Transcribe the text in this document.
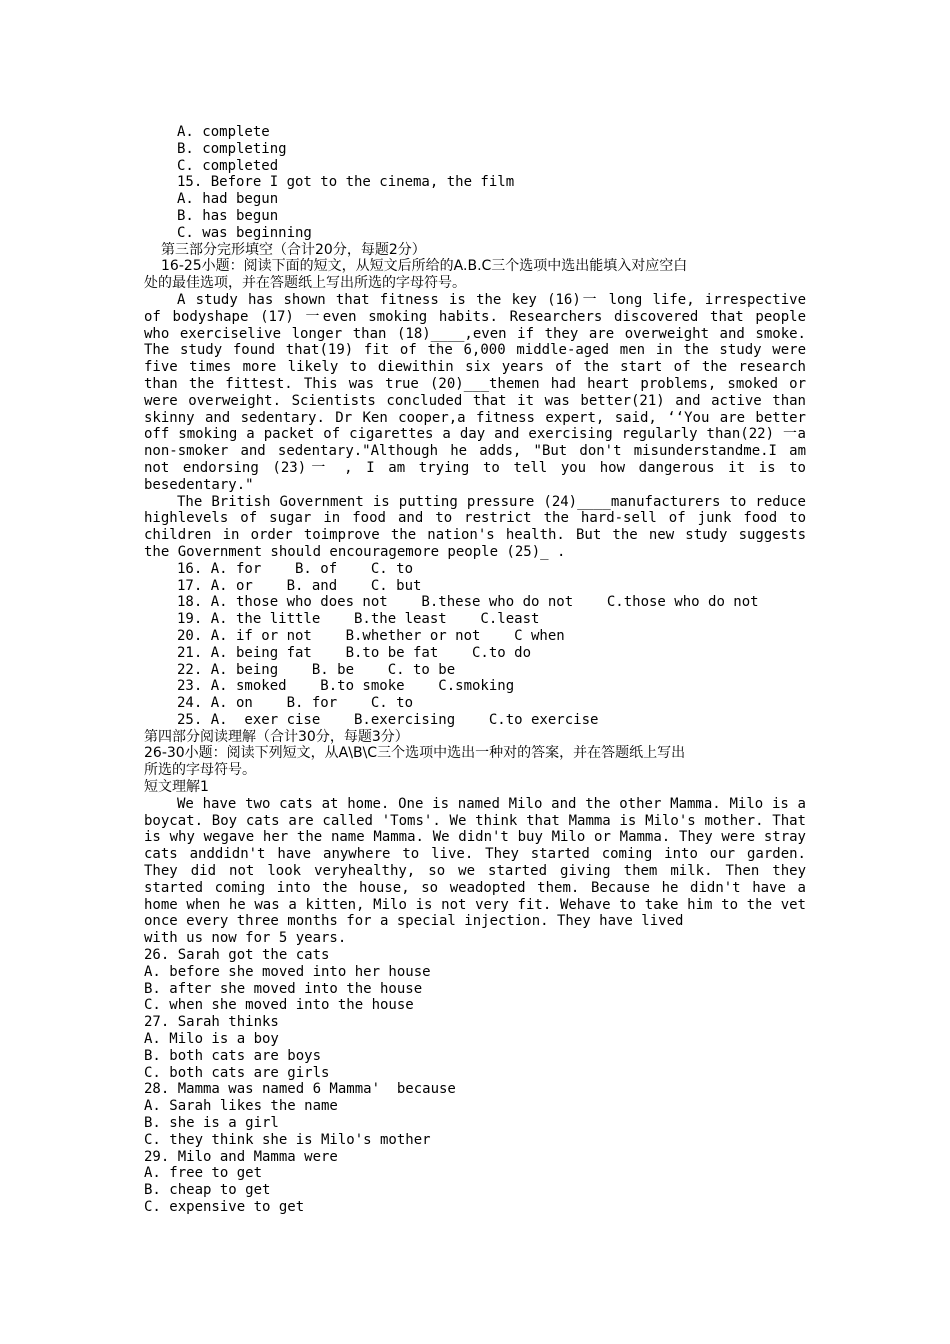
A. complete
B. completing
C. completed
15. Before I got to the cinema, the film
A. had begun
B. has begun
C. was beginning
第三部分完形填空（合计20分，每题2分）
16-25小题：阅读下面的短文，从短文后所给的A.B.C三个选项中选出能填入对应空白
处的最佳选项，并在答题纸上写出所选的字母符号。
A study has shown that fitness is the key (16)一 long life, irrespective of bodyshape (17) 一even smoking habits. Researchers discovered that people who exerciselive longer than (18)____,even if they are overweight and smoke. The study found that(19) fit of the 6,000 middle-aged men in the study were five times more likely to diewithin six years of the start of the research than the fittest. This was true (20)___themen had heart problems, smoked or were overweight. Scientists concluded that it was better(21) and active than skinny and sedentary. Dr Ken cooper,a fitness expert, said, ‘‘You are better off smoking a packet of cigarettes a day and exercising regularly than(22) 一a non-smoker and sedentary."Although he adds, "But don't misunderstandme.I am not endorsing (23)一 , I am trying to tell you how dangerous it is to besedentary."
The British Government is putting pressure (24)____manufacturers to reduce highlevels of sugar in food and to restrict the hard-sell of junk food to children in order toimprove the nation's health. But the new study suggests the Government should encouragemore people (25)_ .
16. A. for    B. of    C. to
17. A. or    B. and    C. but
18. A. those who does not    B.these who do not    C.those who do not
19. A. the little    B.the least    C.least
20. A. if or not    B.whether or not    C when
21. A. being fat    B.to be fat    C.to do
22. A. being    B. be    C. to be
23. A. smoked    B.to smoke    C.smoking
24. A. on    B. for    C. to
25. A.  exer cise    B.exercising    C.to exercise
第四部分阅读理解（合计30分，每题3分）
26-30小题：阅读下列短文，从A\B\C三个选项中选出一种对的答案，并在答题纸上写出
所选的字母符号。
短文理解1
We have two cats at home. One is named Milo and the other Mamma. Milo is a boycat. Boy cats are called 'Toms'. We think that Mamma is Milo's mother. That is why wegave her the name Mamma. We didn't buy Milo or Mamma. They were stray cats anddidn't have anywhere to live. They started coming into our garden. They did not look veryhealthy, so we started giving them milk. Then they started coming into the house, so weadopted them. Because he didn't have a home when he was a kitten, Milo is not very fit. Wehave to take him to the vet once every three months for a special injection. They have lived
with us now for 5 years.
26. Sarah got the cats
A. before she moved into her house
B. after she moved into the house
C. when she moved into the house
27. Sarah thinks
A. Milo is a boy
B. both cats are boys
C. both cats are girls
28. Mamma was named 6 Mamma'  because
A. Sarah likes the name
B. she is a girl
C. they think she is Milo's mother
29. Milo and Mamma were
A. free to get
B. cheap to get
C. expensive to get
